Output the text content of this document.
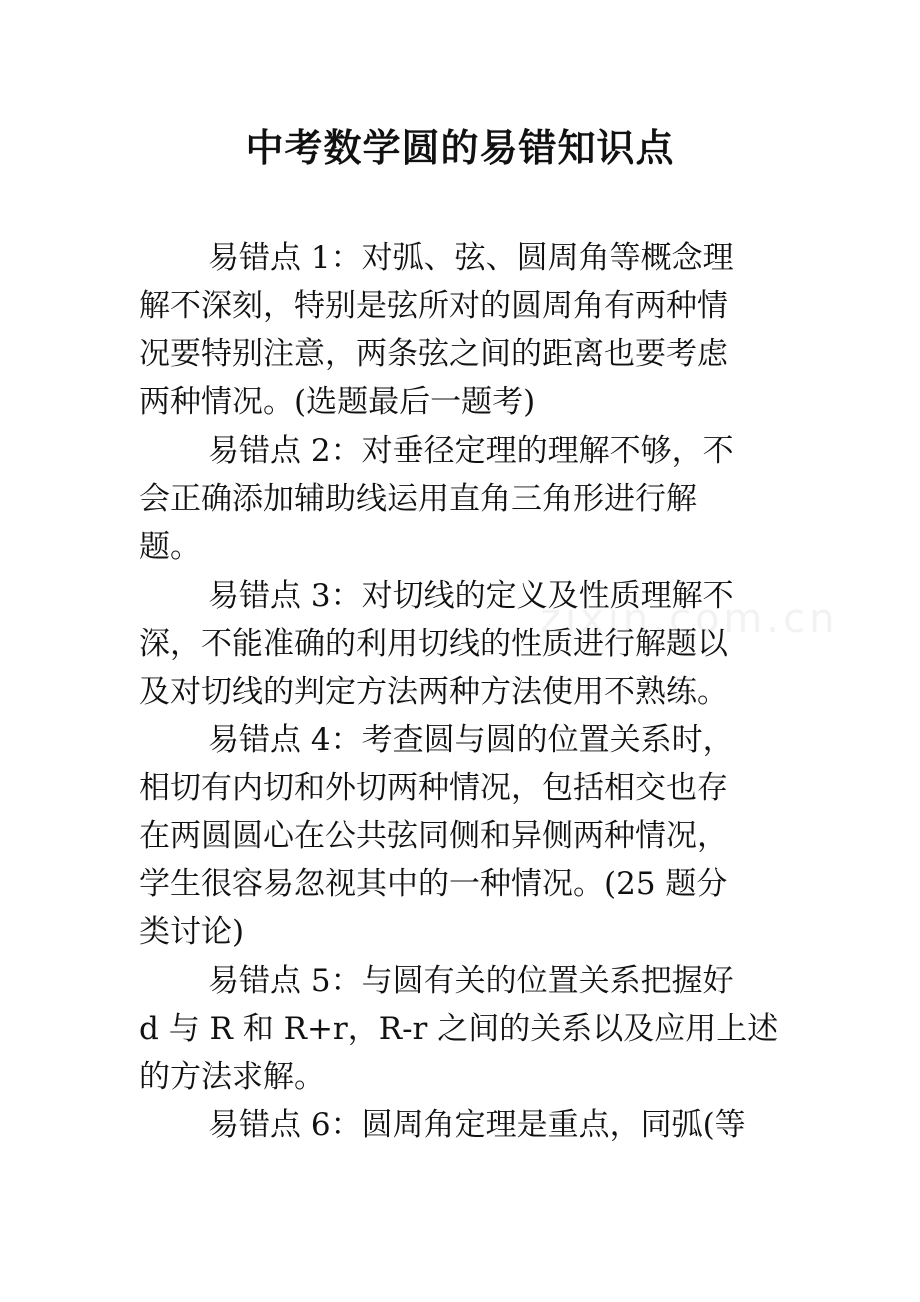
中考数学圆的易错知识点
zixin.com.cn

易错点 1：对弧、弦、圆周角等概念理

解不深刻，特别是弦所对的圆周角有两种情

况要特别注意，两条弦之间的距离也要考虑

两种情况。(选题最后一题考)

易错点 2：对垂径定理的理解不够，不

会正确添加辅助线运用直角三角形进行解

题。

易错点 3：对切线的定义及性质理解不

深，不能准确的利用切线的性质进行解题以

及对切线的判定方法两种方法使用不熟练。

易错点 4：考查圆与圆的位置关系时，

相切有内切和外切两种情况，包括相交也存

在两圆圆心在公共弦同侧和异侧两种情况，

学生很容易忽视其中的一种情况。(25 题分

类讨论)

易错点 5：与圆有关的位置关系把握好

d 与 R 和 R+r，R-r 之间的关系以及应用上述

的方法求解。

易错点 6：圆周角定理是重点，同弧(等
